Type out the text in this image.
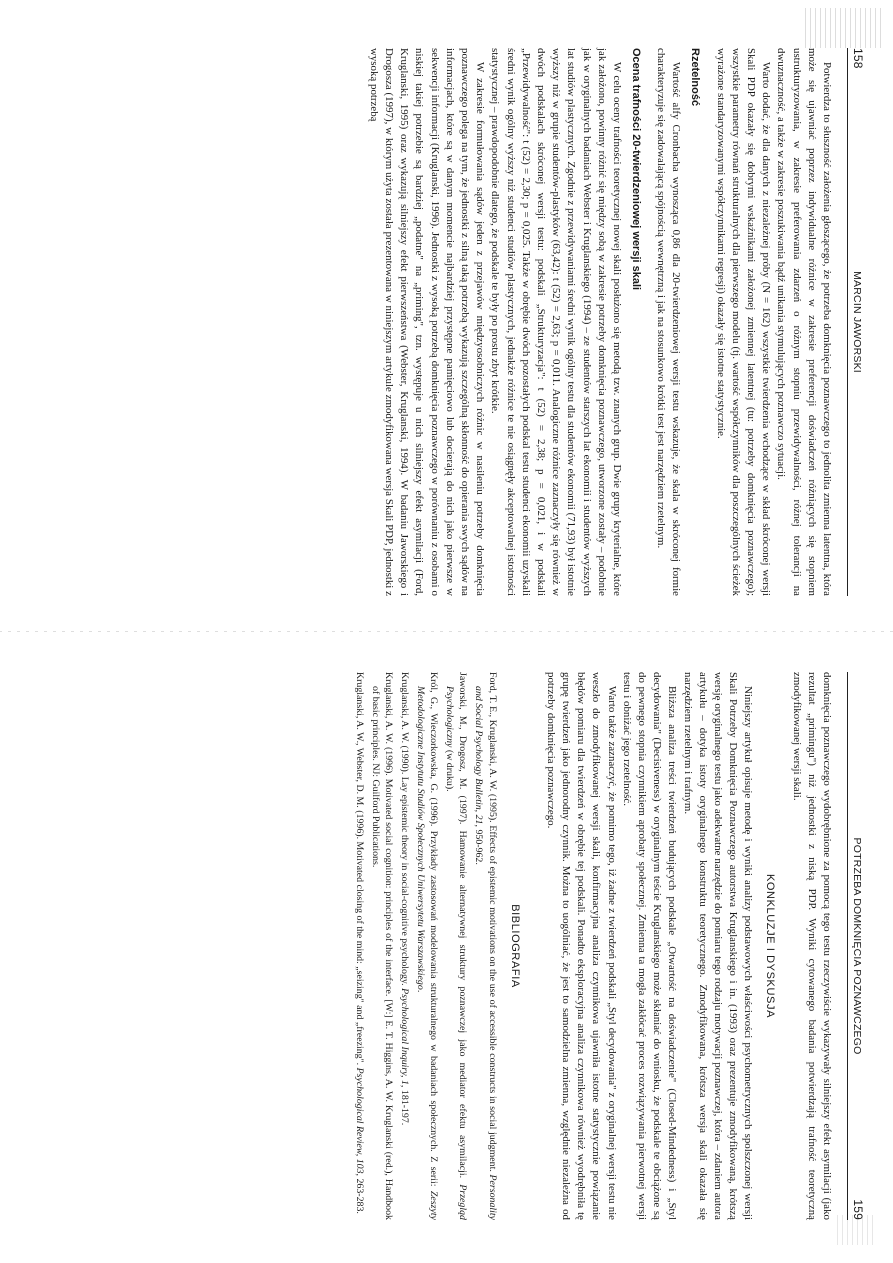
158
MARCIN JAWORSKI

Potwierdza to słuszność założenia głoszącego, że potrzeba domknięcia poznawczego to jednolita zmienna latentna, która może się ujawniać poprzez indywidualne różnice w zakresie preferencji doświadczeń różniących się stopniem ustrukturyzowania, w zakresie preferowania zdarzeń o różnym stopniu przewidywalności, różnej tolerancji na dwuznaczność, a także w zakresie poszukiwania bądź unikania stymulujących poznawczo sytuacji.

Warto dodać, że dla danych z niezależnej próby (N = 162) wszystkie twierdzenia wchodzące w skład skróconej wersji Skali PDP okazały się dobrymi wskaźnikami założonej zmiennej latentnej (tu: potrzeby domknięcia poznawczego); wszystkie parametry równań strukturalnych dla pierwszego modelu (tj. wartość współczynników dla poszczególnych ścieżek wyrażone standaryzowanymi współczynnikami regresji) okazały się istotne statystycznie.

Rzetelność

Wartość alfy Cronbacha wynosząca 0,86 dla 20-twierdzeniowej wersji testu wskazuje, że skala w skróconej formie charakteryzuje się zadowalającą spójnością wewnętrzną i jak na stosunkowo krótki test jest narzędziem rzetelnym.

Ocena trafności 20-twierdzeniowej wersji skali

W celu oceny trafności teoretycznej nowej skali posłużono się metodą tzw. znanych grup. Dwie grupy kryterialne, które jak założono, powinny różnić się między sobą w zakresie potrzeby domknięcia poznawczego, utworzone zostały – podobnie jak w oryginalnych badaniach Webster i Kruglanskiego (1994) – ze studentów starszych lat ekonomii i studentów wyższych lat studiów plastycznych. Zgodnie z przewidywaniami średni wynik ogólny testu dla studentów ekonomii (71,93) był istotnie wyższy niż w grupie studentów-plastyków (63,42): t (52) = 2,63; p = 0,011. Analogiczne różnice zaznaczyły się również w dwóch podskalach skróconej wersji testu: podskali „Strukturyzacja": t (52) = 2,38; p = 0,021, i w podskali „Przewidywalność": t (52) = 2,30; p = 0,025. Także w obrębie dwóch pozostałych podskal testu studenci ekonomii uzyskali średni wynik ogólny wyższy niż studenci studiów plastycznych, jednakże różnice te nie osiągnęły akceptowalnej istotności statystycznej – prawdopodobnie dlatego, że podskale te były po prostu zbyt krótkie.

W zakresie formułowania sądów jeden z przejawów międzyosobniczych różnic w nasileniu potrzeby domknięcia poznawczego polega na tym, że jednostki z silną taką potrzebą wykazują szczególną skłonność do opierania swych sądów na informacjach, które są w danym momencie najbardziej przystępne pamięciowo lub docierają do nich jako pierwsze w sekwencji informacji (Kruglanski, 1996). Jednostki z wysoką potrzebą domknięcia poznawczego w porównaniu z osobami o niskiej takiej potrzebie są bardziej „podatne" na „priming", tzn. występuje u nich silniejszy efekt asymilacji (Ford, Kruglanski, 1995) oraz wykazują silniejszy efekt pierwszeństwa (Webster, Kruglanski, 1994). W badaniu Jaworskiego i Drogosza (1997), w którym użyta została prezentowana w niniejszym artykule zmodyfikowana wersja Skali PDP, jednostki z wysoką potrzebą

POTRZEBA DOMKNIĘCIA POZNAWCZEGO
159

domknięcia poznawczego wydobrębnione za pomocą tego testu rzeczywiście wykazywały silniejszy efekt asymilacji (jako rezultat „primingu") niż jednostki z niską PDP. Wyniki cytowanego badania potwierdzają trafność teoretyczną zmodyfikowanej wersji skali.

KONKLUZJE I DYSKUSJA

Niniejszy artykuł opisuje metodę i wyniki analizy podstawowych właściwości psychometrycznych spolszczonej wersji Skali Potrzeby Domknięcia Poznawczego autorstwa Kruglanskiego i in. (1993) oraz prezentuje zmodyfikowaną, krótszą wersję oryginalnego testu jako adekwatne narzędzie do pomiaru tego rodzaju motywacji poznawczej, która – zdaniem autora artykułu – dotyka istoty oryginalnego konstruktu teoretycznego. Zmodyfikowana, krótsza wersja skali okazała się narzędziem rzetelnym i trafnym.

Bliższa analiza treści twierdzeń budujących podskale „Otwartość na doświadczenie" (Closed-Mindedness) i „Styl decydowania" (Decisiveness) w oryginalnym teście Kruglanskiego może skłaniać do wniosku, że podskale te obciążone są do pewnego stopnia czynnikiem aprobaty społecznej. Zmienna ta mogła zakłócać proces rozwiązywania pierwotnej wersji testu i obniżać jego rzetelność.

Warto także zaznaczyć, że pomimo tego, iż żadne z twierdzeń podskali „Styl decydowania" z oryginalnej wersji testu nie weszło do zmodyfikowanej wersji skali, konfirmacyjna analiza czynnikowa ujawniła istotne statystycznie powiązanie błędów pomiaru dla twierdzeń w obrębie tej podskali. Ponadto eksploracyjna analiza czynnikowa również wyodrębniła tę grupę twierdzeń jako jednorodny czynnik. Można to uogólniać, że jest to samodzielna zmienna, względnie niezależna od potrzeby domknięcia poznawczego.

BIBLIOGRAFIA

Ford, T. E., Kruglanski, A. W. (1995). Effects of epistemic motivations on the use of accessible constructs in social judgment. Personality and Social Psychology Bulletin, 21, 950-962.

Jaworski, M., Drogosz, M. (1997). Hamowanie alternatywnej struktury poznawczej jako mediator efektu asymilacji. Przegląd Psychologiczny (w druku).

Król, G., Wieczorkowska, G. (1996). Przykłady zastosowań modelowania strukturalnego w badaniach społecznych. Z serii: Zeszyty Metodologiczne Instytutu Studiów Społecznych Uniwersytetu Warszawskiego.

Kruglanski, A. W. (1990). Lay epistemic theory in social-cognitive psychology. Psychological Inquiry, 1, 181-197.

Kruglanski, A. W. (1996). Motivated social cognition: principles of the interface. [W:] E. T. Higgins, A. W. Kruglanski (red.), Handbook of basic principles. NJ: Guilford Publications.

Kruglanski, A. W., Webster, D. M. (1996). Motivated closing of the mind: „seizing" and „freezing". Psychological Review, 103, 263-283.
